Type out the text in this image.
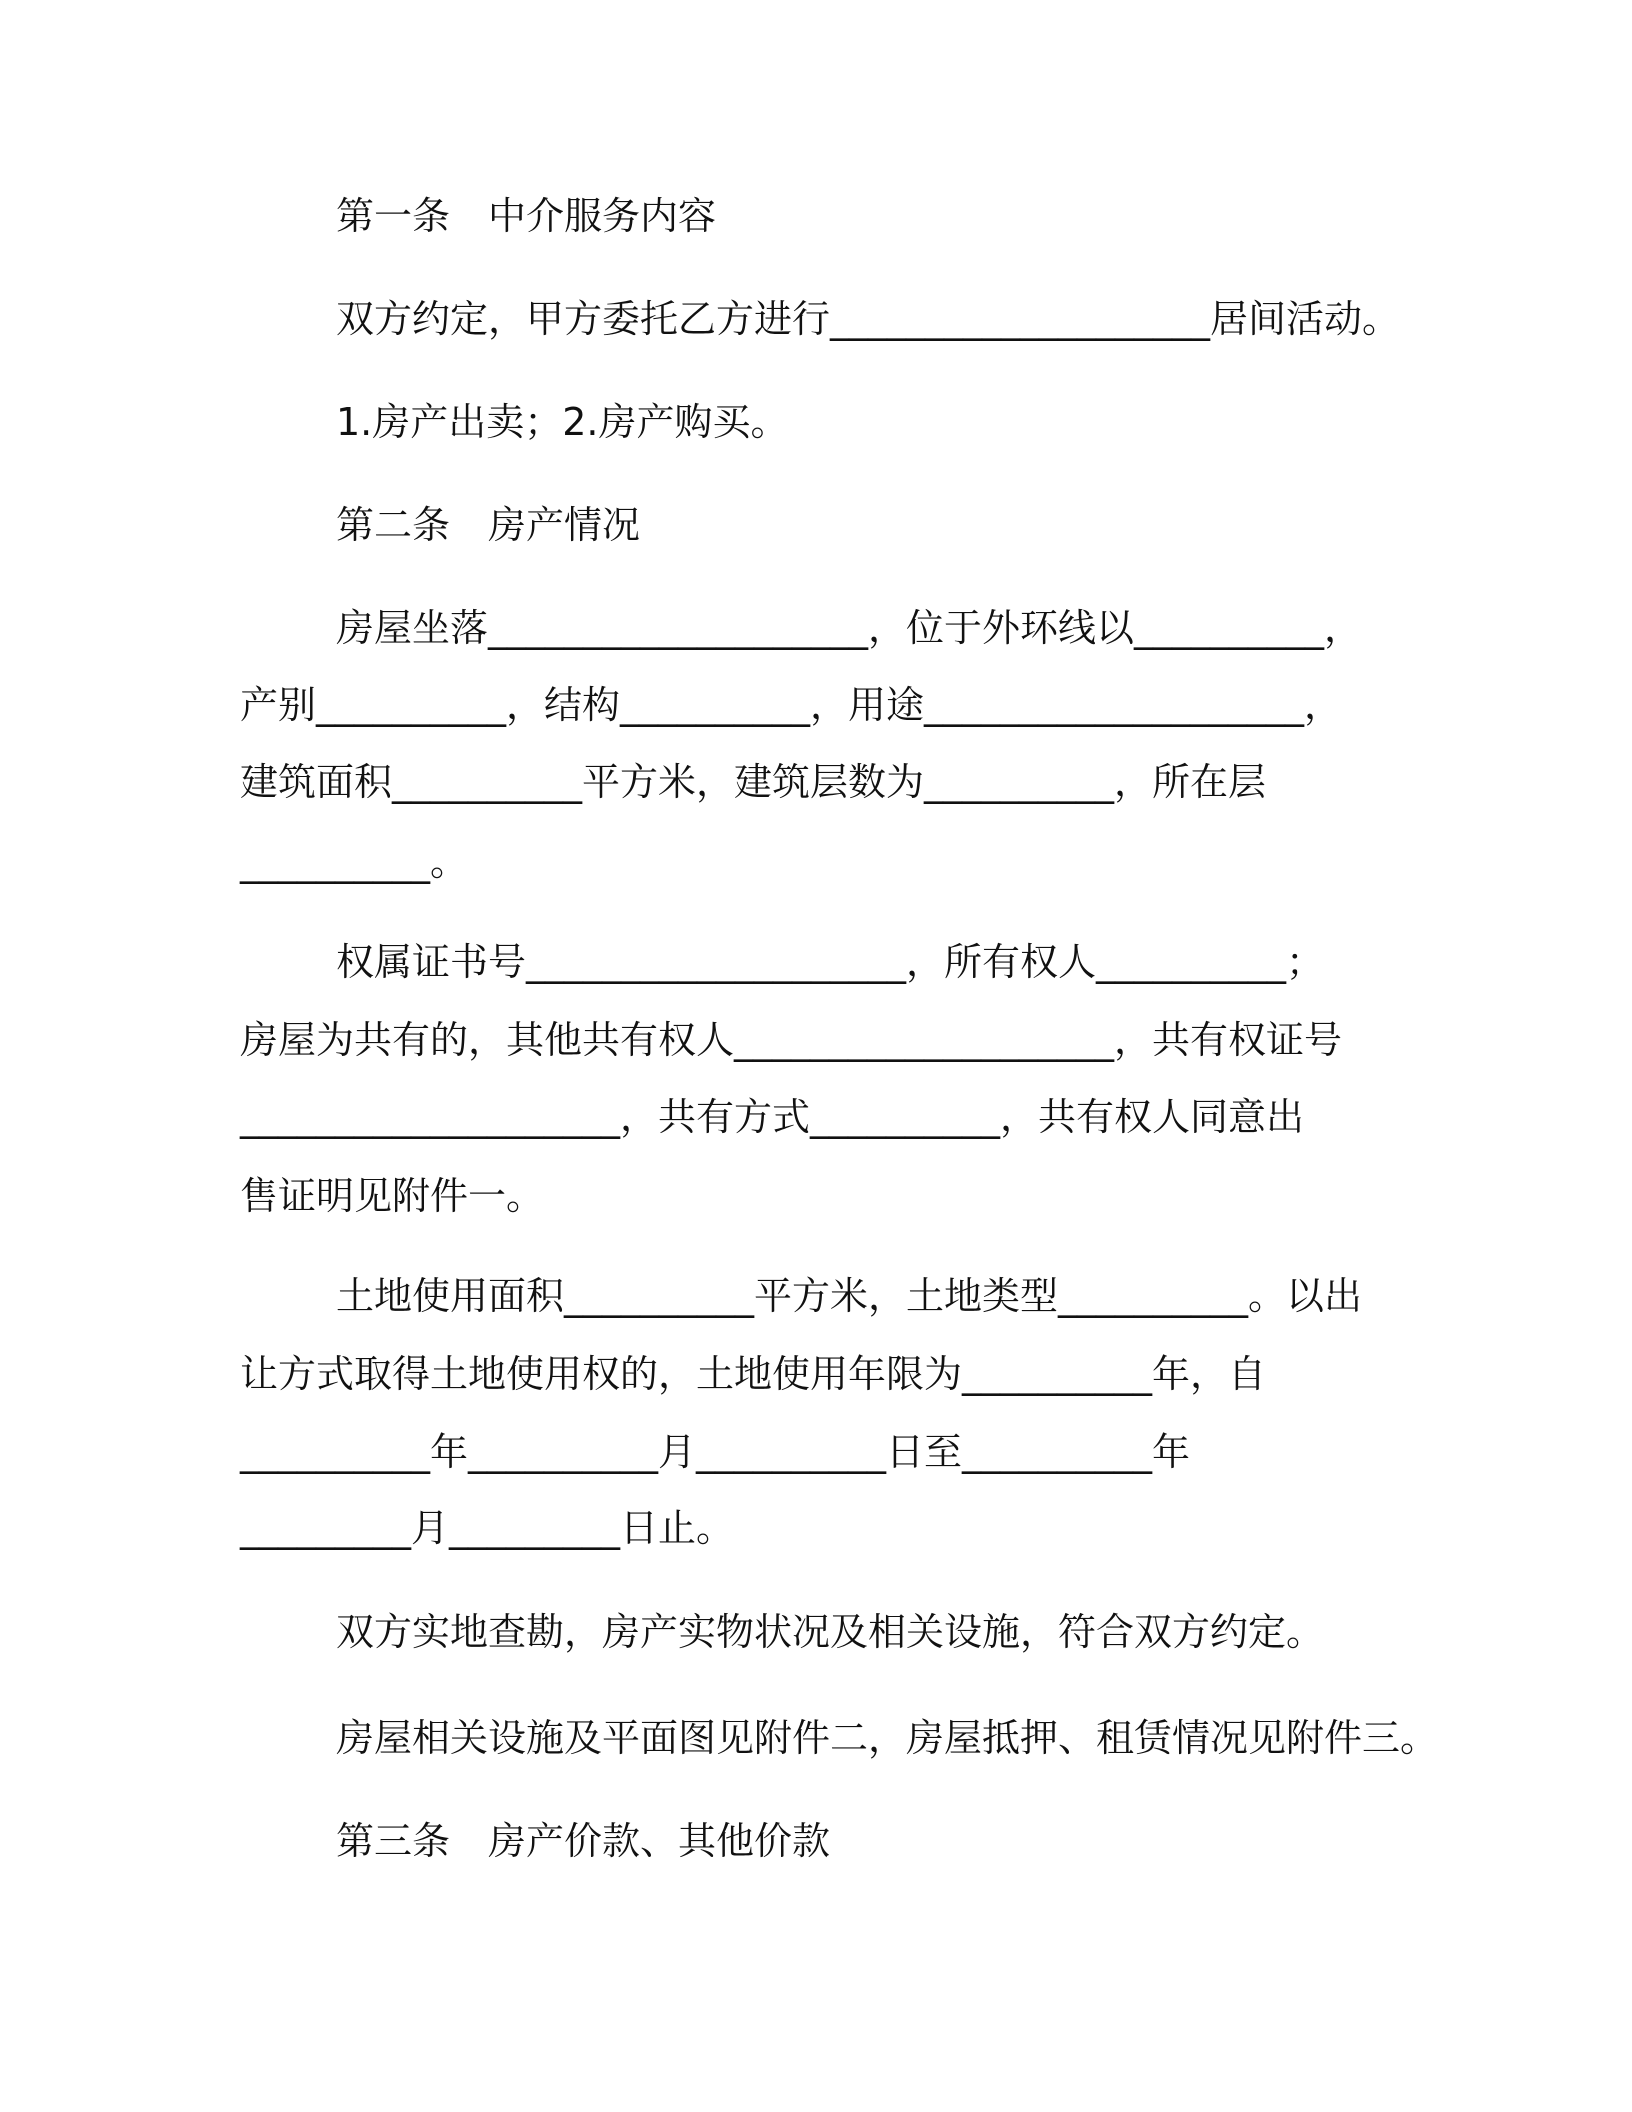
第一条　中介服务内容
双方约定，甲方委托乙方进行____________________居间活动。
1.房产出卖；2.房产购买。
第二条　房产情况
房屋坐落____________________，位于外环线以__________，
产别__________，结构__________，用途____________________，
建筑面积__________平方米，建筑层数为__________，所在层
__________。
权属证书号____________________，所有权人__________；
房屋为共有的，其他共有权人____________________，共有权证号
____________________，共有方式__________，共有权人同意出
售证明见附件一。
土地使用面积__________平方米，土地类型__________。以出
让方式取得土地使用权的，土地使用年限为__________年，自
__________年__________月__________日至__________年
_________月_________日止。
双方实地查勘，房产实物状况及相关设施，符合双方约定。
房屋相关设施及平面图见附件二，房屋抵押、租赁情况见附件三。
第三条　房产价款、其他价款
